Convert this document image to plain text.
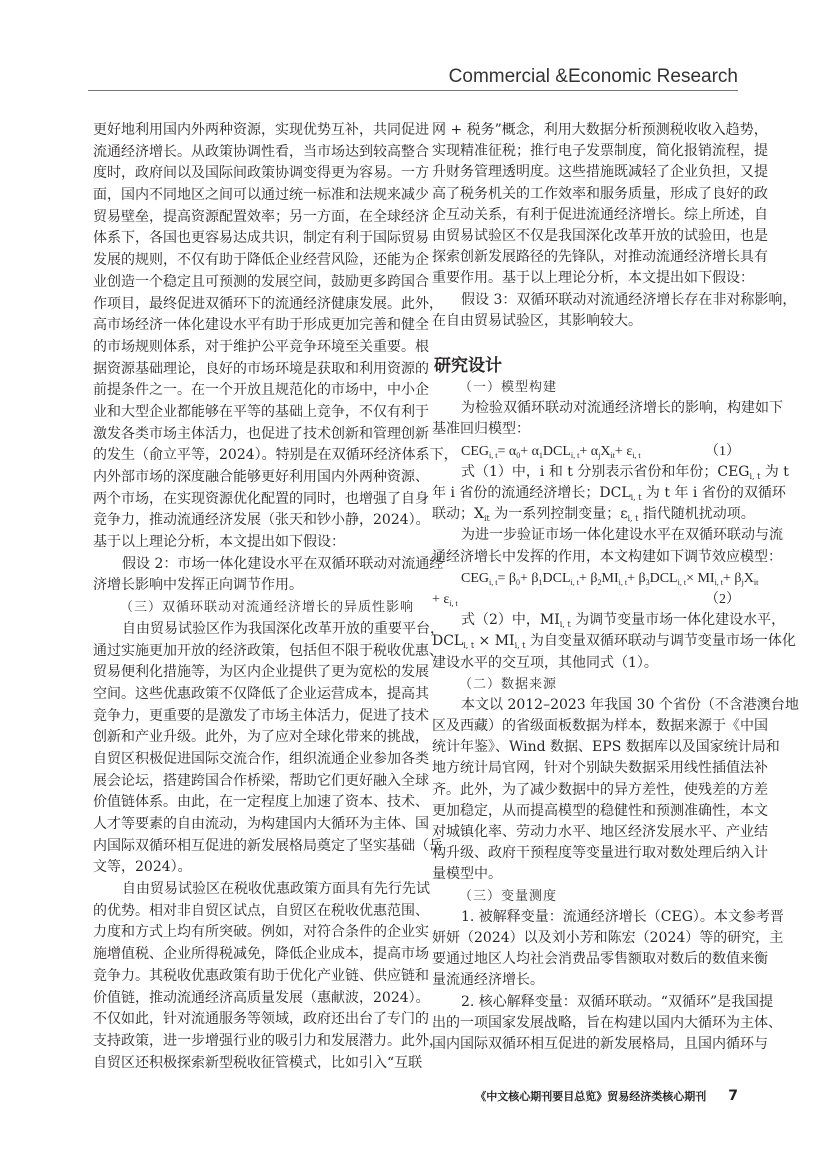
Commercial &Economic Research
更好地利用国内外两种资源，实现优势互补，共同促进
流通经济增长。从政策协调性看，当市场达到较高整合
度时，政府间以及国际间政策协调变得更为容易。一方
面，国内不同地区之间可以通过统一标准和法规来减少
贸易壁垒，提高资源配置效率；另一方面，在全球经济
体系下，各国也更容易达成共识，制定有利于国际贸易
发展的规则，不仅有助于降低企业经营风险，还能为企
业创造一个稳定且可预测的发展空间，鼓励更多跨国合
作项目，最终促进双循环下的流通经济健康发展。此外，
高市场经济一体化建设水平有助于形成更加完善和健全
的市场规则体系，对于维护公平竞争环境至关重要。根
据资源基础理论，良好的市场环境是获取和利用资源的
前提条件之一。在一个开放且规范化的市场中，中小企
业和大型企业都能够在平等的基础上竞争，不仅有利于
激发各类市场主体活力，也促进了技术创新和管理创新
的发生（俞立平等，2024）。特别是在双循环经济体系下，
内外部市场的深度融合能够更好利用国内外两种资源、
两个市场，在实现资源优化配置的同时，也增强了自身
竞争力，推动流通经济发展（张天和钞小静，2024）。
基于以上理论分析，本文提出如下假设：
假设 2：市场一体化建设水平在双循环联动对流通经
济增长影响中发挥正向调节作用。
（三）双循环联动对流通经济增长的异质性影响
自由贸易试验区作为我国深化改革开放的重要平台，
通过实施更加开放的经济政策，包括但不限于税收优惠、
贸易便利化措施等，为区内企业提供了更为宽松的发展
空间。这些优惠政策不仅降低了企业运营成本，提高其
竞争力，更重要的是激发了市场主体活力，促进了技术
创新和产业升级。此外，为了应对全球化带来的挑战，
自贸区积极促进国际交流合作，组织流通企业参加各类
展会论坛，搭建跨国合作桥梁，帮助它们更好融入全球
价值链体系。由此，在一定程度上加速了资本、技术、
人才等要素的自由流动，为构建国内大循环为主体、国
内国际双循环相互促进的新发展格局奠定了坚实基础（岳
文等，2024）。
自由贸易试验区在税收优惠政策方面具有先行先试
的优势。相对非自贸区试点，自贸区在税收优惠范围、
力度和方式上均有所突破。例如，对符合条件的企业实
施增值税、企业所得税减免，降低企业成本，提高市场
竞争力。其税收优惠政策有助于优化产业链、供应链和
价值链，推动流通经济高质量发展（惠献波，2024）。
不仅如此，针对流通服务等领域，政府还出台了专门的
支持政策，进一步增强行业的吸引力和发展潜力。此外，
自贸区还积极探索新型税收征管模式，比如引入“互联
网 + 税务”概念，利用大数据分析预测税收收入趋势，
实现精准征税；推行电子发票制度，简化报销流程，提
升财务管理透明度。这些措施既减轻了企业负担，又提
高了税务机关的工作效率和服务质量，形成了良好的政
企互动关系，有利于促进流通经济增长。综上所述，自
由贸易试验区不仅是我国深化改革开放的试验田，也是
探索创新发展路径的先锋队，对推动流通经济增长具有
重要作用。基于以上理论分析，本文提出如下假设：
假设 3：双循环联动对流通经济增长存在非对称影响，
在自由贸易试验区，其影响较大。
研究设计
（一）模型构建
为检验双循环联动对流通经济增长的影响，构建如下
基准回归模型：
$CEG_{i, t}= \alpha_0+ \alpha_1DCL_{i, t}+ \alpha_jX_{it}+ \varepsilon_{i, t}$	（1）
式（1）中，i 和 t 分别表示省份和年份；$CEG_{i, t}$ 为 t
年 i 省份的流通经济增长；$DCL_{i, t}$ 为 t 年 i 省份的双循环
联动；$X_{it}$ 为一系列控制变量；$\varepsilon_{i, t}$ 指代随机扰动项。
为进一步验证市场一体化建设水平在双循环联动与流
通经济增长中发挥的作用，本文构建如下调节效应模型：
$CEG_{i, t}= \beta_0+ \beta_1DCL_{i, t}+ \beta_2MI_{i, t}+ \beta_3DCL_{i, t}\times MI_{i, t}+ \beta_jX_{it}$
+ $\varepsilon_{i, t}$	（2）
式（2）中，$MI_{i, t}$ 为调节变量市场一体化建设水平，
$DCL_{i, t} \times MI_{i, t}$ 为自变量双循环联动与调节变量市场一体化
建设水平的交互项，其他同式（1）。
（二）数据来源
本文以 2012–2023 年我国 30 个省份（不含港澳台地
区及西藏）的省级面板数据为样本，数据来源于《中国
统计年鉴》、Wind 数据、EPS 数据库以及国家统计局和
地方统计局官网，针对个别缺失数据采用线性插值法补
齐。此外，为了减少数据中的异方差性，使残差的方差
更加稳定，从而提高模型的稳健性和预测准确性，本文
对城镇化率、劳动力水平、地区经济发展水平、产业结
构升级、政府干预程度等变量进行取对数处理后纳入计
量模型中。
（三）变量测度
1. 被解释变量：流通经济增长（CEG）。本文参考晋
妍妍（2024）以及刘小芳和陈宏（2024）等的研究，主
要通过地区人均社会消费品零售额取对数后的数值来衡
量流通经济增长。
2. 核心解释变量：双循环联动。“双循环”是我国提
出的一项国家发展战略，旨在构建以国内大循环为主体、
国内国际双循环相互促进的新发展格局，且国内循环与
《中文核心期刊要目总览》贸易经济类核心期刊 7
